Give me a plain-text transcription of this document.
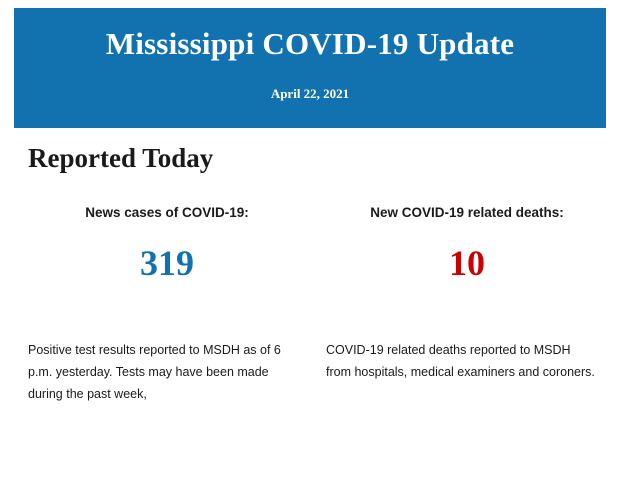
Mississippi COVID-19 Update
April 22, 2021
Reported Today
News cases of COVID-19:
319
New COVID-19 related deaths:
10
Positive test results reported to MSDH as of 6 p.m. yesterday. Tests may have been made during the past week,
COVID-19 related deaths reported to MSDH from hospitals, medical examiners and coroners.
